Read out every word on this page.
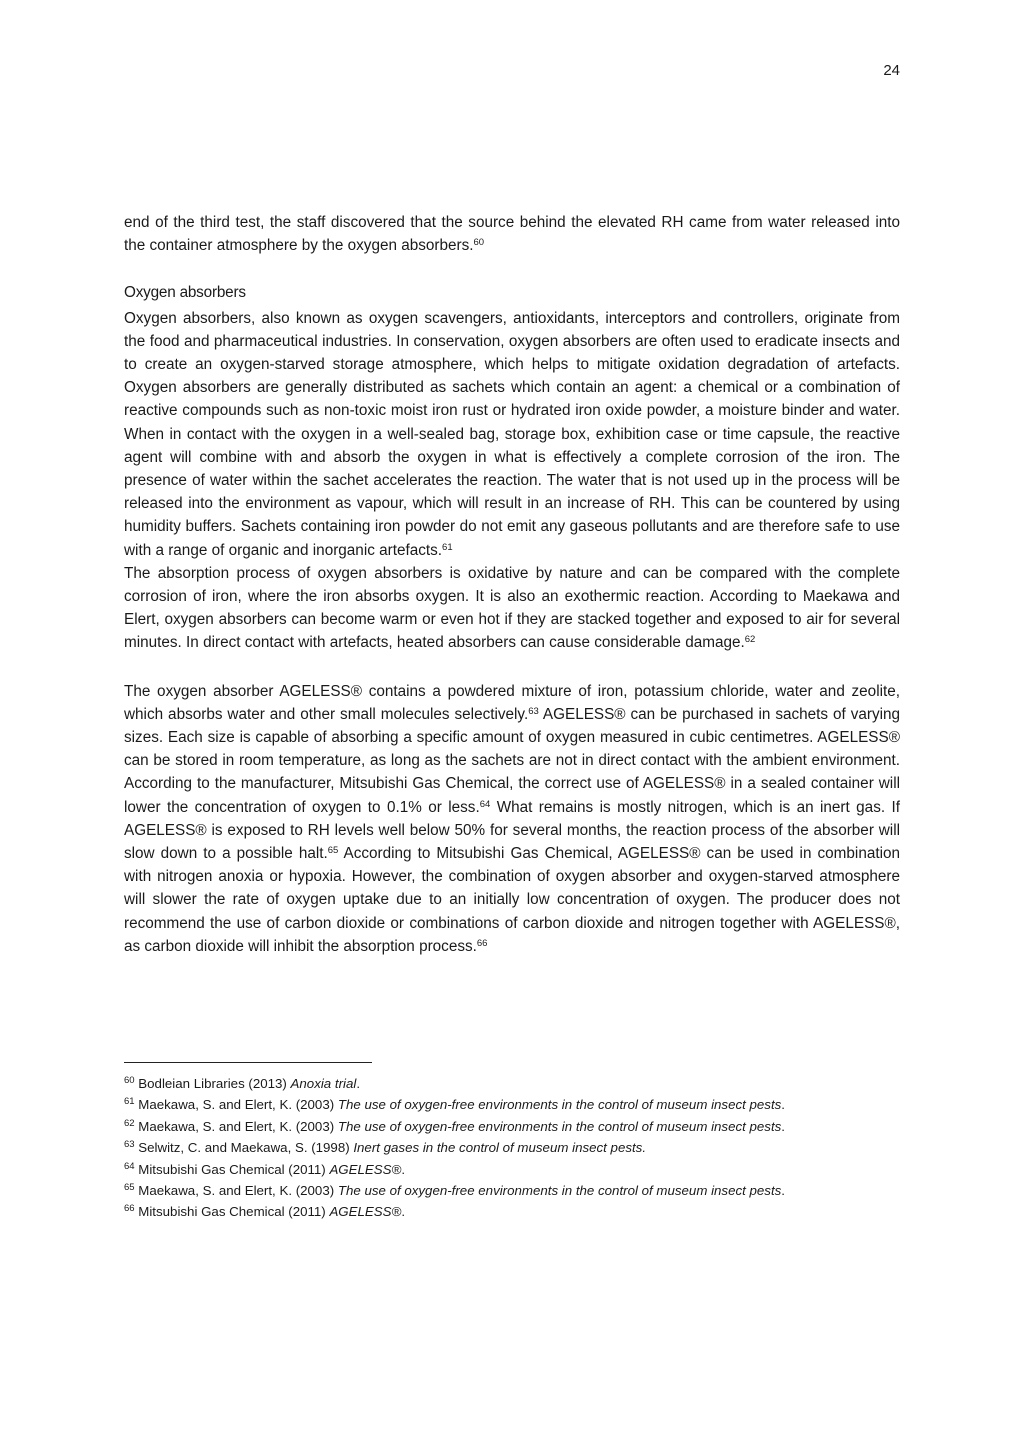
24

end of the third test, the staff discovered that the source behind the elevated RH came from water released into the container atmosphere by the oxygen absorbers.$^{60}$

Oxygen absorbers

Oxygen absorbers, also known as oxygen scavengers, antioxidants, interceptors and controllers, originate from the food and pharmaceutical industries. In conservation, oxygen absorbers are often used to eradicate insects and to create an oxygen-starved storage atmosphere, which helps to mitigate oxidation degradation of artefacts. Oxygen absorbers are generally distributed as sachets which contain an agent: a chemical or a combination of reactive compounds such as non-toxic moist iron rust or hydrated iron oxide powder, a moisture binder and water. When in contact with the oxygen in a well-sealed bag, storage box, exhibition case or time capsule, the reactive agent will combine with and absorb the oxygen in what is effectively a complete corrosion of the iron. The presence of water within the sachet accelerates the reaction. The water that is not used up in the process will be released into the environment as vapour, which will result in an increase of RH. This can be countered by using humidity buffers. Sachets containing iron powder do not emit any gaseous pollutants and are therefore safe to use with a range of organic and inorganic artefacts.$^{61}$

The absorption process of oxygen absorbers is oxidative by nature and can be compared with the complete corrosion of iron, where the iron absorbs oxygen. It is also an exothermic reaction. According to Maekawa and Elert, oxygen absorbers can become warm or even hot if they are stacked together and exposed to air for several minutes. In direct contact with artefacts, heated absorbers can cause considerable damage.$^{62}$

The oxygen absorber AGELESS® contains a powdered mixture of iron, potassium chloride, water and zeolite, which absorbs water and other small molecules selectively.$^{63}$ AGELESS® can be purchased in sachets of varying sizes. Each size is capable of absorbing a specific amount of oxygen measured in cubic centimetres. AGELESS® can be stored in room temperature, as long as the sachets are not in direct contact with the ambient environment. According to the manufacturer, Mitsubishi Gas Chemical, the correct use of AGELESS® in a sealed container will lower the concentration of oxygen to 0.1% or less.$^{64}$ What remains is mostly nitrogen, which is an inert gas. If AGELESS® is exposed to RH levels well below 50% for several months, the reaction process of the absorber will slow down to a possible halt.$^{65}$ According to Mitsubishi Gas Chemical, AGELESS® can be used in combination with nitrogen anoxia or hypoxia. However, the combination of oxygen absorber and oxygen-starved atmosphere will slower the rate of oxygen uptake due to an initially low concentration of oxygen. The producer does not recommend the use of carbon dioxide or combinations of carbon dioxide and nitrogen together with AGELESS®, as carbon dioxide will inhibit the absorption process.$^{66}$

$^{60}$ Bodleian Libraries (2013) Anoxia trial.
$^{61}$ Maekawa, S. and Elert, K. (2003) The use of oxygen-free environments in the control of museum insect pests.
$^{62}$ Maekawa, S. and Elert, K. (2003) The use of oxygen-free environments in the control of museum insect pests.
$^{63}$ Selwitz, C. and Maekawa, S. (1998) Inert gases in the control of museum insect pests.
$^{64}$ Mitsubishi Gas Chemical (2011) AGELESS®.
$^{65}$ Maekawa, S. and Elert, K. (2003) The use of oxygen-free environments in the control of museum insect pests.
$^{66}$ Mitsubishi Gas Chemical (2011) AGELESS®.
